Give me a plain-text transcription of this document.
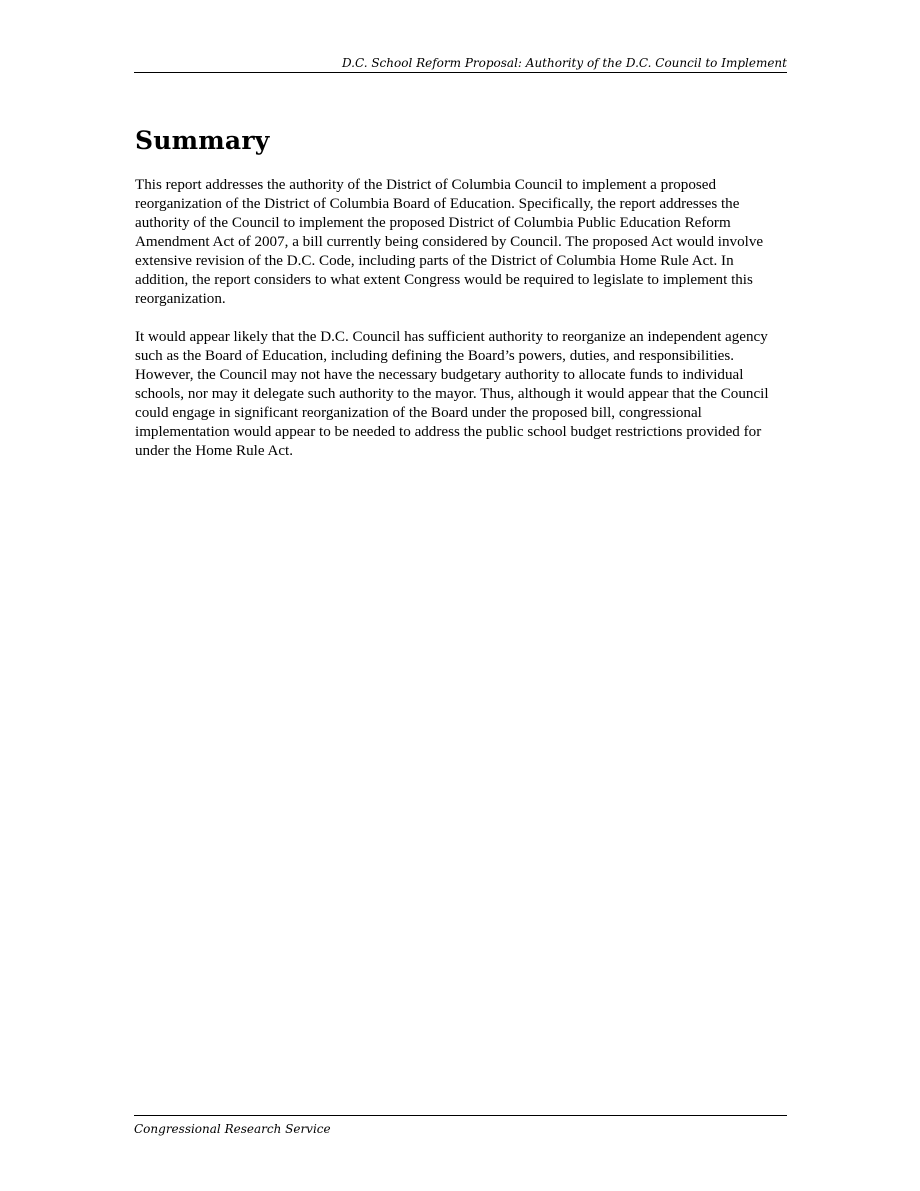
D.C. School Reform Proposal: Authority of the D.C. Council to Implement
Summary

This report addresses the authority of the District of Columbia Council to implement a proposed reorganization of the District of Columbia Board of Education. Specifically, the report addresses the authority of the Council to implement the proposed District of Columbia Public Education Reform Amendment Act of 2007, a bill currently being considered by Council. The proposed Act would involve extensive revision of the D.C. Code, including parts of the District of Columbia Home Rule Act. In addition, the report considers to what extent Congress would be required to legislate to implement this reorganization.

It would appear likely that the D.C. Council has sufficient authority to reorganize an independent agency such as the Board of Education, including defining the Board’s powers, duties, and responsibilities. However, the Council may not have the necessary budgetary authority to allocate funds to individual schools, nor may it delegate such authority to the mayor. Thus, although it would appear that the Council could engage in significant reorganization of the Board under the proposed bill, congressional implementation would appear to be needed to address the public school budget restrictions provided for under the Home Rule Act.

Congressional Research Service
